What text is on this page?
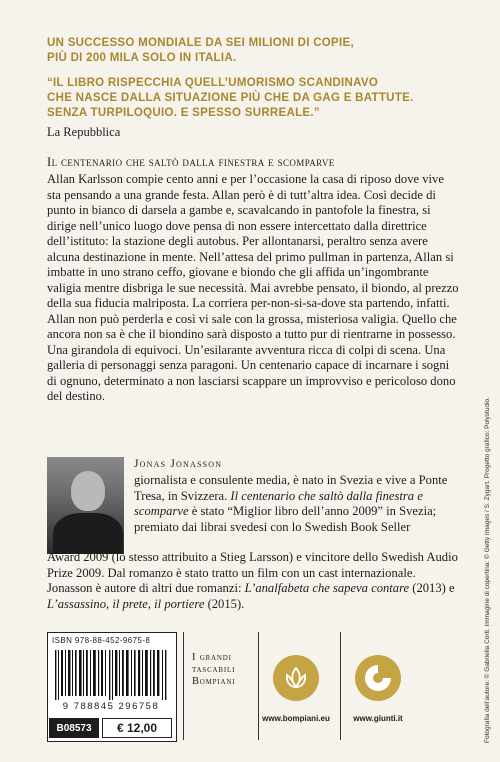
UN SUCCESSO MONDIALE DA SEI MILIONI DI COPIE,
PIÙ DI 200 MILA SOLO IN ITALIA.
“IL LIBRO RISPECCHIA QUELL’UMORISMO SCANDINAVO
CHE NASCE DALLA SITUAZIONE PIÙ CHE DA GAG E BATTUTE.
SENZA TURPILOQUIO. E SPESSO SURREALE.”
La Repubblica
Il centenario che saltò dalla finestra e scomparve

Allan Karlsson compie cento anni e per l’occasione la casa di riposo dove vive sta pensando a una grande festa. Allan però è di tutt’altra idea. Così decide di punto in bianco di darsela a gambe e, scavalcando in pantofole la finestra, si dirige nell’unico luogo dove pensa di non essere intercettato dalla direttrice dell’istituto: la stazione degli autobus. Per allontanarsi, peraltro senza avere alcuna destinazione in mente. Nell’attesa del primo pullman in partenza, Allan si imbatte in uno strano ceffo, giovane e biondo che gli affida un’ingombrante valigia mentre disbriga le sue necessità. Mai avrebbe pensato, il biondo, al prezzo della sua fiducia malriposta. La corriera per-non-si-sa-dove sta partendo, infatti. Allan non può perderla e così vi sale con la grossa, misteriosa valigia. Quello che ancora non sa è che il biondino sarà disposto a tutto pur di rientrarne in possesso. Una girandola di equivoci. Un’esilarante avventura ricca di colpi di scena. Una galleria di personaggi senza paragoni. Un centenario capace di incarnare i sogni di ognuno, determinato a non lasciarsi scappare un improvviso e pericoloso dono del destino.

Jonas Jonasson

giornalista e consulente media, è nato in Svezia e vive a Ponte Tresa, in Svizzera. Il centenario che saltò dalla finestra e scomparve è stato “Miglior libro dell’anno 2009” in Svezia; premiato dai librai svedesi con lo Swedish Book Seller

Award 2009 (lo stesso attribuito a Stieg Larsson) e vincitore dello Swedish Audio Prize 2009. Dal romanzo è stato tratto un film con un cast internazionale. Jonasson è autore di altri due romanzi: L’analfabeta che sapeva contare (2013) e L’assassino, il prete, il portiere (2015).	Fotografia dell’autore: © Gabriella Corti. Immagine di copertina: © Getty Images / S. Zygart. Progetto grafico: Polystudio.
ISBN 978-88-452-9675-8
9 788845 296758
B08573	€ 12,00
I grandi
tascabili
Bompiani
www.bompiani.eu	www.giunti.it
